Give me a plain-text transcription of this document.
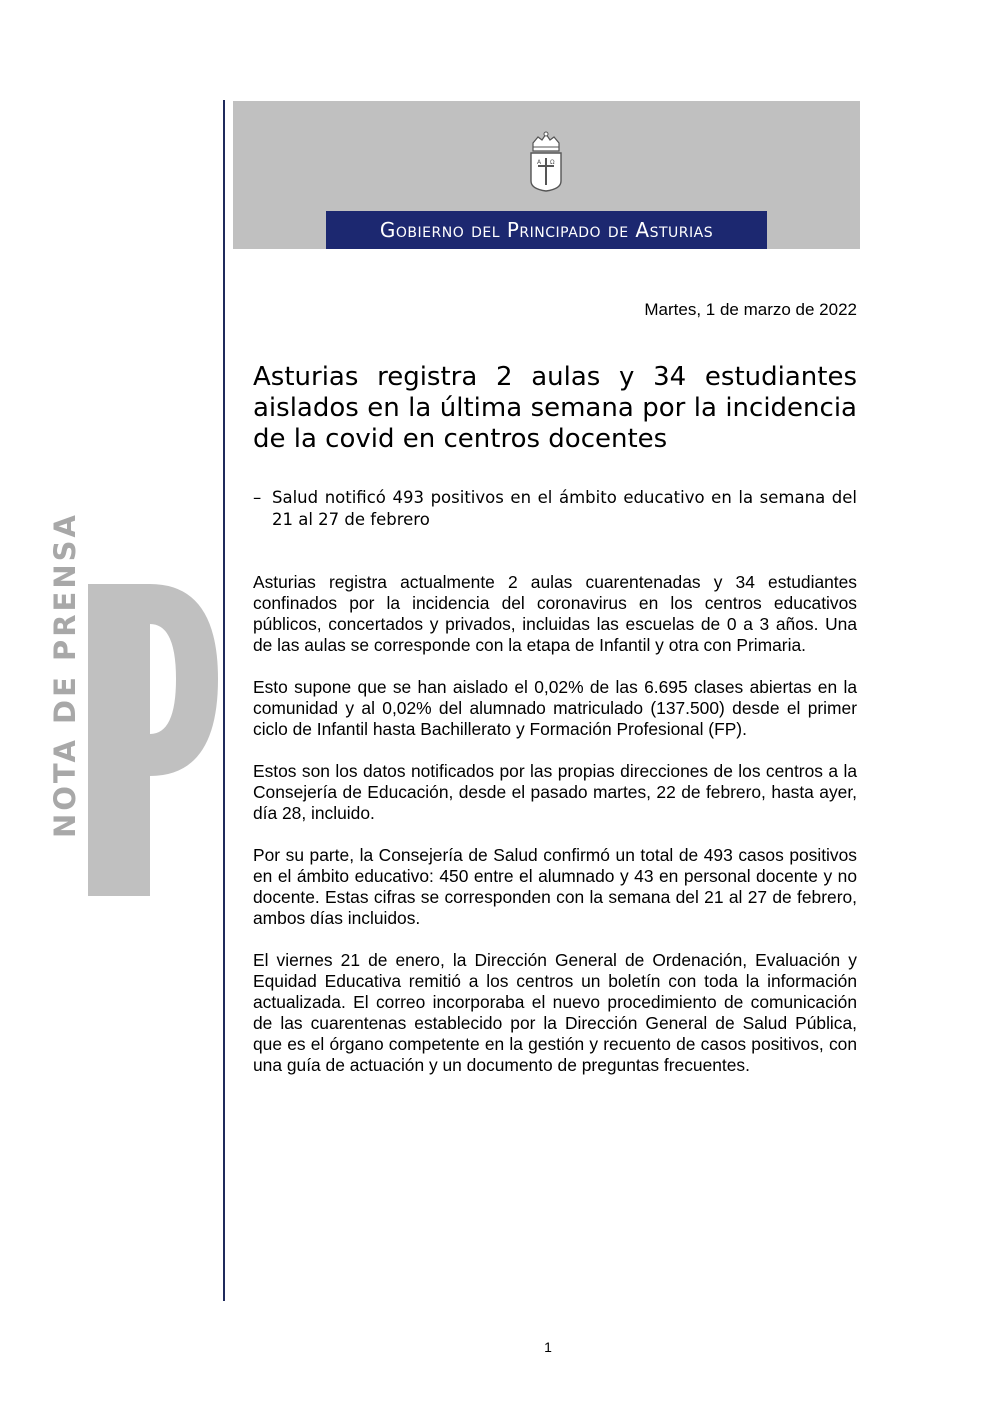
A Ω
Gobierno del Principado de Asturias
NOTA DE PRENSA
Martes, 1 de marzo de 2022
Asturias registra 2 aulas y 34 estudiantes aislados en la última semana por la incidencia de la covid en centros docentes
– Salud notificó 493 positivos en el ámbito educativo en la semana del 21 al 27 de febrero

Asturias registra actualmente 2 aulas cuarentenadas y 34 estudiantes confinados por la incidencia del coronavirus en los centros educativos públicos, concertados y privados, incluidas las escuelas de 0 a 3 años. Una de las aulas se corresponde con la etapa de Infantil y otra con Primaria.

Esto supone que se han aislado el 0,02% de las 6.695 clases abiertas en la comunidad y al 0,02% del alumnado matriculado (137.500) desde el primer ciclo de Infantil hasta Bachillerato y Formación Profesional (FP).

Estos son los datos notificados por las propias direcciones de los centros a la Consejería de Educación, desde el pasado martes, 22 de febrero, hasta ayer, día 28, incluido.

Por su parte, la Consejería de Salud confirmó un total de 493 casos positivos en el ámbito educativo: 450 entre el alumnado y 43 en personal docente y no docente. Estas cifras se corresponden con la semana del 21 al 27 de febrero, ambos días incluidos.

El viernes 21 de enero, la Dirección General de Ordenación, Evaluación y Equidad Educativa remitió a los centros un boletín con toda la información actualizada. El correo incorporaba el nuevo procedimiento de comunicación de las cuarentenas establecido por la Dirección General de Salud Pública, que es el órgano competente en la gestión y recuento de casos positivos, con una guía de actuación y un documento de preguntas frecuentes.

1
